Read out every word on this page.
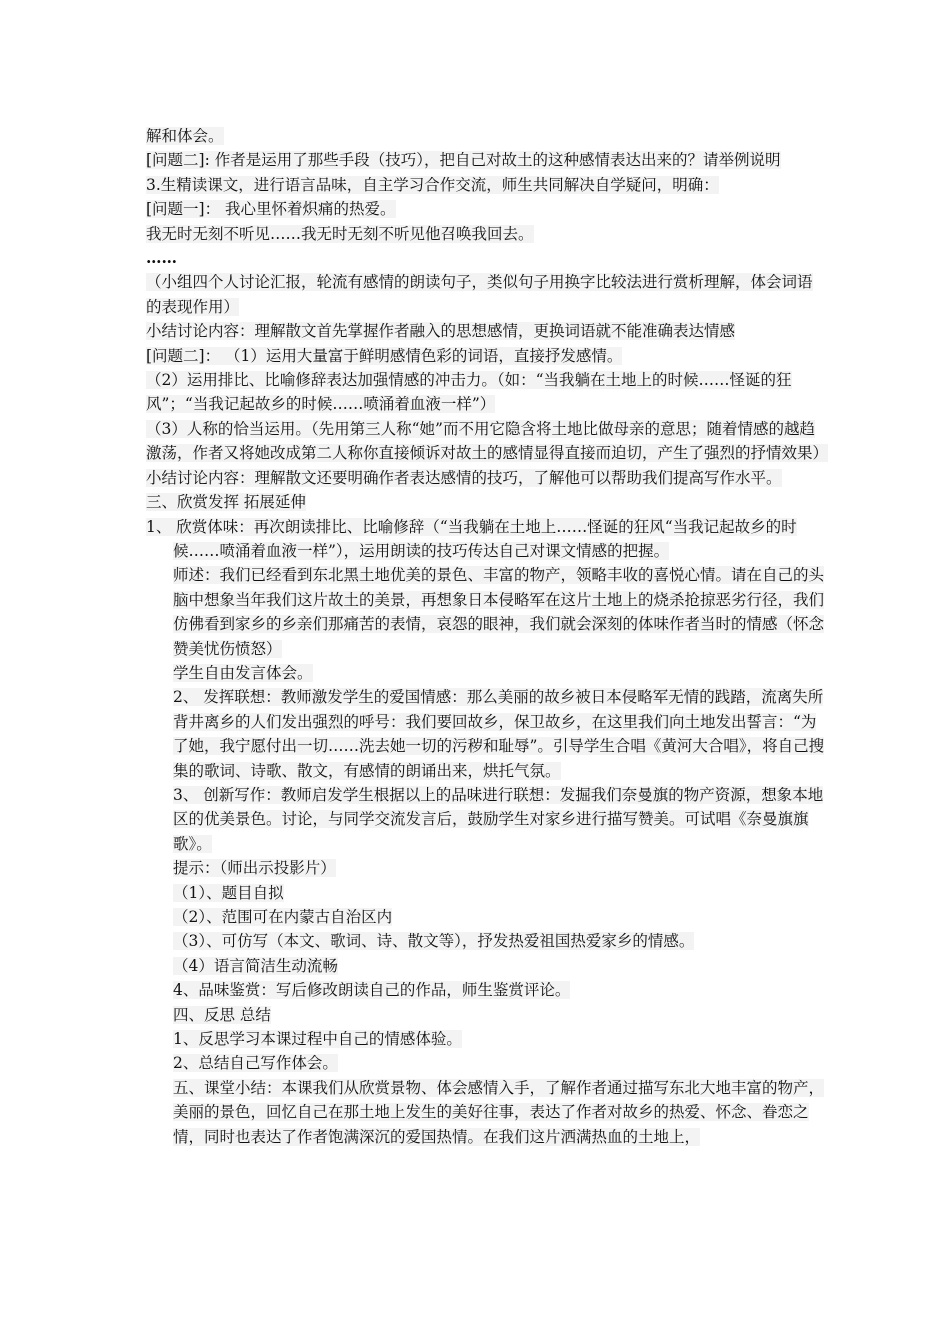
解和体会。

[问题二]: 作者是运用了那些手段（技巧），把自己对故土的这种感情表达出来的？请举例说明

3.生精读课文，进行语言品味，自主学习合作交流，师生共同解决自学疑问，明确：

[问题一]： 我心里怀着炽痛的热爱。

我无时无刻不听见……我无时无刻不听见他召唤我回去。

……

（小组四个人讨论汇报，轮流有感情的朗读句子，类似句子用换字比较法进行赏析理解，体会词语的表现作用）

小结讨论内容：理解散文首先掌握作者融入的思想感情，更换词语就不能准确表达情感

[问题二]： （1）运用大量富于鲜明感情色彩的词语，直接抒发感情。

（2）运用排比、比喻修辞表达加强情感的冲击力。（如：“当我躺在土地上的时候……怪诞的狂风”；“当我记起故乡的时候……喷涌着血液一样”）

（3）人称的恰当运用。（先用第三人称“她”而不用它隐含将土地比做母亲的意思；随着情感的越趋激荡，作者又将她改成第二人称你直接倾诉对故土的感情显得直接而迫切，产生了强烈的抒情效果）

小结讨论内容：理解散文还要明确作者表达感情的技巧，了解他可以帮助我们提高写作水平。

三、欣赏发挥 拓展延伸

1、 欣赏体味：再次朗读排比、比喻修辞（“当我躺在土地上……怪诞的狂风“当我记起故乡的时候……喷涌着血液一样”），运用朗读的技巧传达自己对课文情感的把握。

师述：我们已经看到东北黑土地优美的景色、丰富的物产，领略丰收的喜悦心情。请在自己的头脑中想象当年我们这片故土的美景，再想象日本侵略军在这片土地上的烧杀抢掠恶劣行径，我们仿佛看到家乡的乡亲们那痛苦的表情，哀怨的眼神，我们就会深刻的体味作者当时的情感（怀念赞美忧伤愤怒）

学生自由发言体会。

2、 发挥联想：教师激发学生的爱国情感：那么美丽的故乡被日本侵略军无情的践踏，流离失所背井离乡的人们发出强烈的呼号：我们要回故乡，保卫故乡，在这里我们向土地发出誓言：“为了她，我宁愿付出一切……洗去她一切的污秽和耻辱”。引导学生合唱《黄河大合唱》，将自己搜集的歌词、诗歌、散文，有感情的朗诵出来，烘托气氛。

3、 创新写作：教师启发学生根据以上的品味进行联想：发掘我们奈曼旗的物产资源，想象本地区的优美景色。讨论，与同学交流发言后，鼓励学生对家乡进行描写赞美。可试唱《奈曼旗旗歌》。

提示：（师出示投影片）

（1）、题目自拟

（2）、范围可在内蒙古自治区内

（3）、可仿写（本文、歌词、诗、散文等），抒发热爱祖国热爱家乡的情感。

（4）语言简洁生动流畅

4、品味鉴赏：写后修改朗读自己的作品，师生鉴赏评论。

四、反思 总结

1、反思学习本课过程中自己的情感体验。

2、总结自己写作体会。

五、课堂小结：本课我们从欣赏景物、体会感情入手，了解作者通过描写东北大地丰富的物产，美丽的景色，回忆自己在那土地上发生的美好往事，表达了作者对故乡的热爱、怀念、眷恋之情，同时也表达了作者饱满深沉的爱国热情。在我们这片洒满热血的土地上，
